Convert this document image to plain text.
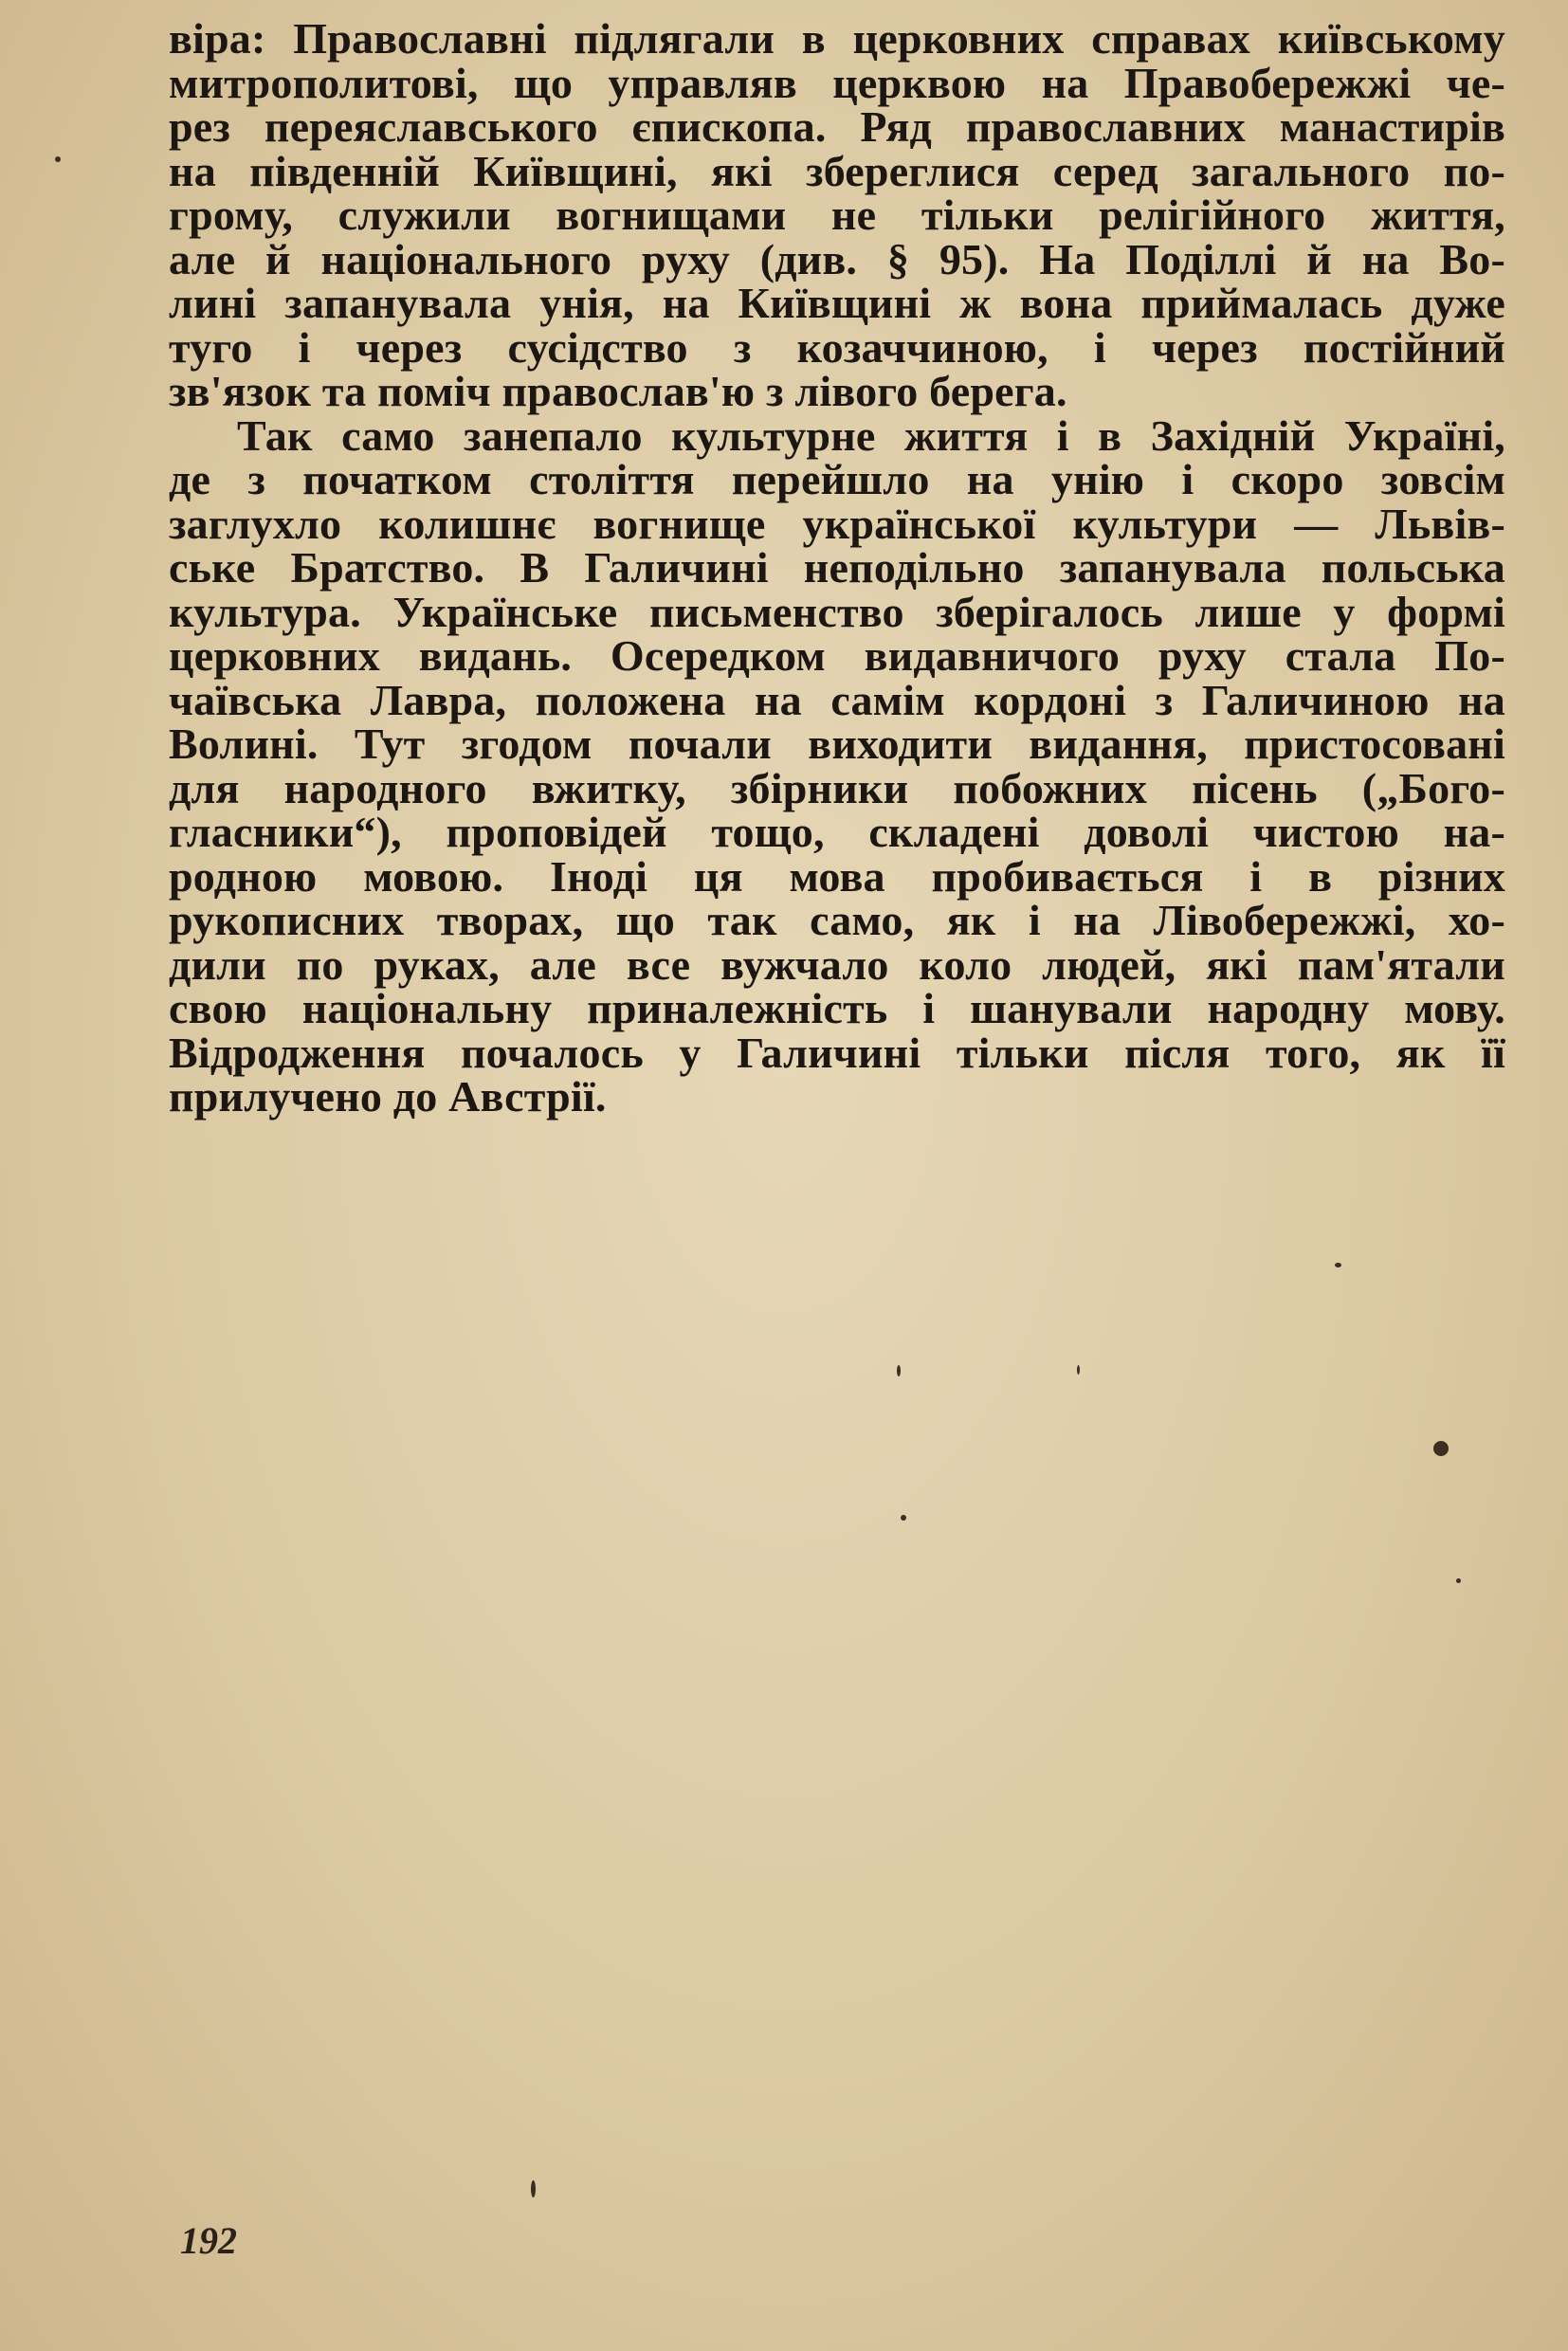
віра: Православні підлягали в церковних справах київському
митрополитові, що управляв церквою на Правобережжі че-
рез переяславського єпископа. Ряд православних манастирів
на південній Київщині, які збереглися серед загального по-
грому, служили вогнищами не тільки релігійного життя,
але й національного руху (див. § 95). На Поділлі й на Во-
лині запанувала унія, на Київщині ж вона приймалась дуже
туго і через сусідство з козаччиною, і через постійний
зв'язок та поміч православ'ю з лівого берега.
Так само занепало культурне життя і в Західній Україні,
де з початком століття перейшло на унію і скоро зовсім
заглухло колишнє вогнище української культури — Львів-
ське Братство. В Галичині неподільно запанувала польська
культура. Українське письменство зберігалось лише у формі
церковних видань. Осередком видавничого руху стала По-
чаївська Лавра, положена на самім кордоні з Галичиною на
Волині. Тут згодом почали виходити видання, пристосовані
для народного вжитку, збірники побожних пісень („Бого-
гласники“), проповідей тощо, складені доволі чистою на-
родною мовою. Іноді ця мова пробивається і в різних
рукописних творах, що так само, як і на Лівобережжі, хо-
дили по руках, але все вужчало коло людей, які пам'ятали
свою національну приналежність і шанували народну мову.
Відродження почалось у Галичині тільки після того, як її
прилучено до Австрії.
192
